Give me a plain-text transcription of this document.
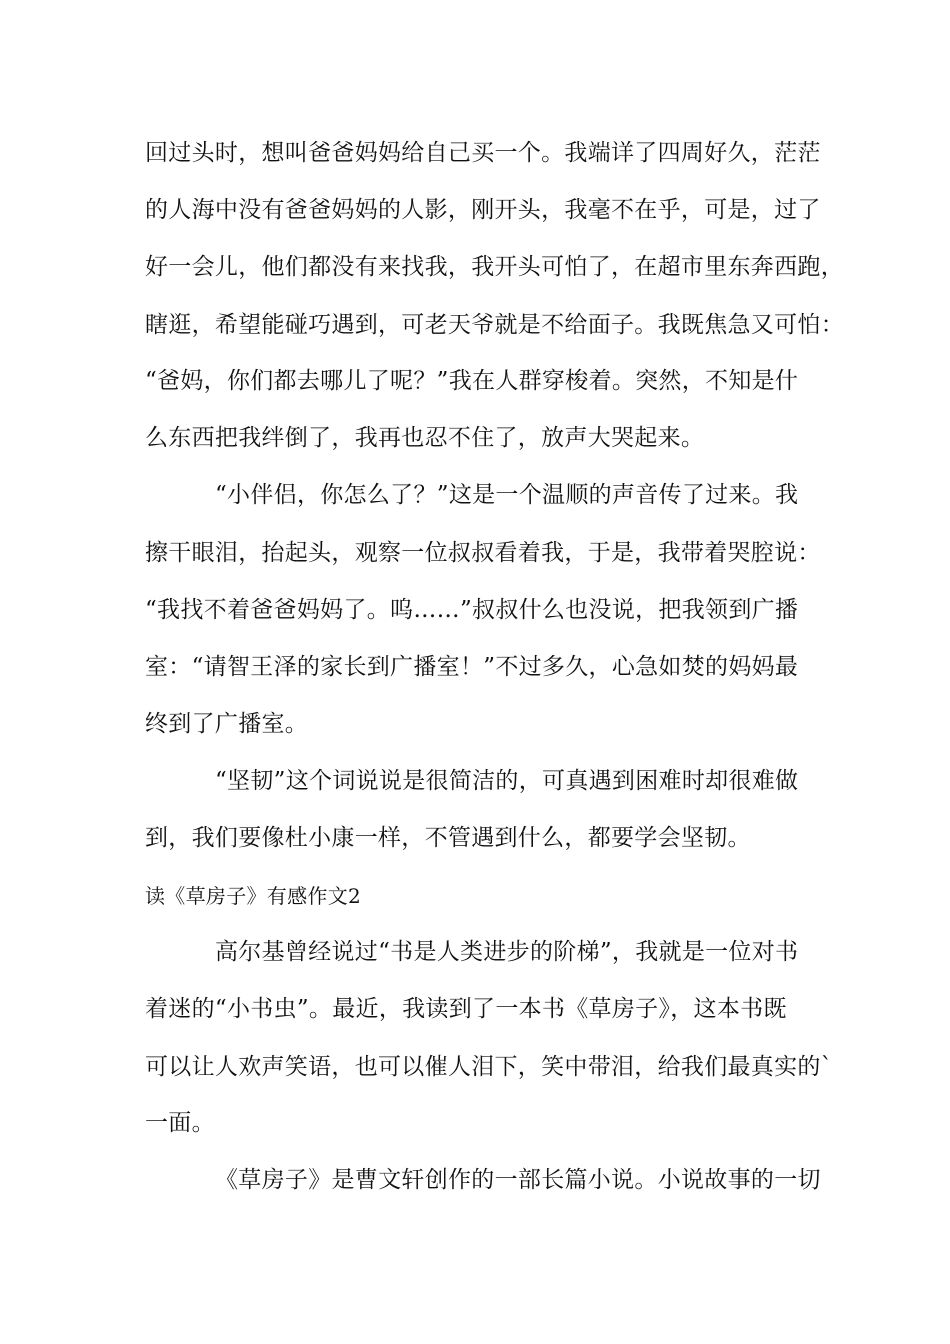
回过头时，想叫爸爸妈妈给自己买一个。我端详了四周好久，茫茫
的人海中没有爸爸妈妈的人影，刚开头，我毫不在乎，可是，过了
好一会儿，他们都没有来找我，我开头可怕了，在超市里东奔西跑，
瞎逛，希望能碰巧遇到，可老天爷就是不给面子。我既焦急又可怕：
“爸妈，你们都去哪儿了呢？”我在人群穿梭着。突然，不知是什
么东西把我绊倒了，我再也忍不住了，放声大哭起来。
“小伴侣，你怎么了？”这是一个温顺的声音传了过来。我
擦干眼泪，抬起头，观察一位叔叔看着我，于是，我带着哭腔说：
“我找不着爸爸妈妈了。呜……”叔叔什么也没说，把我领到广播
室：“请智王泽的家长到广播室！”不过多久，心急如焚的妈妈最
终到了广播室。
“坚韧”这个词说说是很简洁的，可真遇到困难时却很难做
到，我们要像杜小康一样，不管遇到什么，都要学会坚韧。
读《草房子》有感作文2
高尔基曾经说过“书是人类进步的阶梯”，我就是一位对书
着迷的“小书虫”。最近，我读到了一本书《草房子》，这本书既
可以让人欢声笑语，也可以催人泪下，笑中带泪，给我们最真实的`
一面。
《草房子》是曹文轩创作的一部长篇小说。小说故事的一切
